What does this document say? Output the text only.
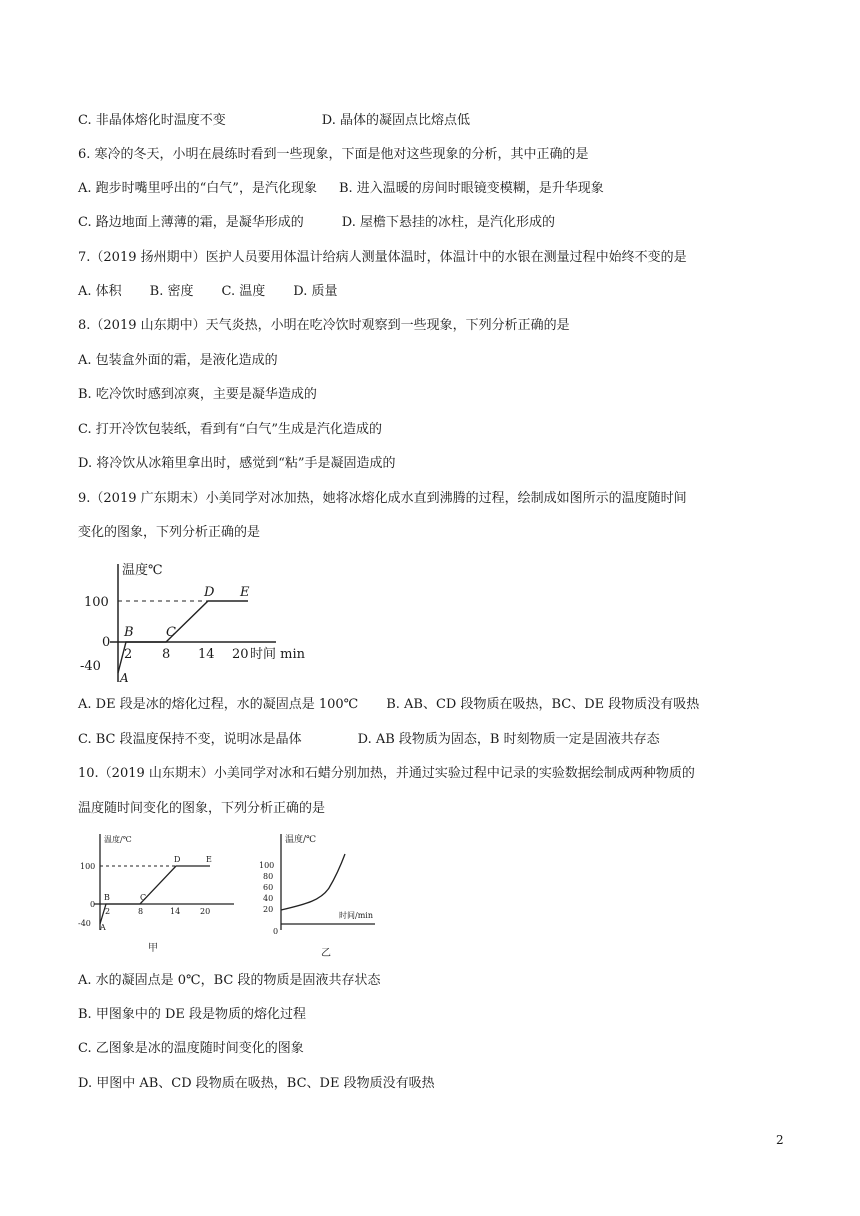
C. 非晶体熔化时温度不变	D. 晶体的凝固点比熔点低
6. 寒冷的冬天，小明在晨练时看到一些现象，下面是他对这些现象的分析，其中正确的是
A. 跑步时嘴里呼出的“白气”，是汽化现象 B. 进入温暖的房间时眼镜变模糊，是升华现象
C. 路边地面上薄薄的霜，是凝华形成的	D. 屋檐下悬挂的冰柱，是汽化形成的
7.（2019 扬州期中）医护人员要用体温计给病人测量体温时，体温计中的水银在测量过程中始终不变的是
A. 体积 B. 密度 C. 温度 D. 质量
8.（2019 山东期中）天气炎热，小明在吃冷饮时观察到一些现象，下列分析正确的是
A. 包装盒外面的霜，是液化造成的
B. 吃冷饮时感到凉爽，主要是凝华造成的
C. 打开冷饮包装纸，看到有“白气”生成是汽化造成的
D. 将冷饮从冰箱里拿出时，感觉到“粘”手是凝固造成的
9.（2019 广东期末）小美同学对冰加热，她将冰熔化成水直到沸腾的过程，绘制成如图所示的温度随时间
变化的图象，下列分析正确的是
温度℃
100
0
-40
2 8 14 20 时间 min
A
B C
D E
A. DE 段是冰的熔化过程，水的凝固点是 100℃ B. AB、CD 段物质在吸热，BC、DE 段物质没有吸热
C. BC 段温度保持不变，说明冰是晶体	D. AB 段物质为固态，B 时刻物质一定是固液共存态
10.（2019 山东期末）小美同学对冰和石蜡分别加热，并通过实验过程中记录的实验数据绘制成两种物质的
温度随时间变化的图象，下列分析正确的是
温度/℃
100
0
-40
2	8	14 20
A
B	C
D	E
甲
温度/℃
100
80
60
40
20
0
时间/min
乙
A. 水的凝固点是 0℃，BC 段的物质是固液共存状态
B. 甲图象中的 DE 段是物质的熔化过程
C. 乙图象是冰的温度随时间变化的图象
D. 甲图中 AB、CD 段物质在吸热，BC、DE 段物质没有吸热
2
